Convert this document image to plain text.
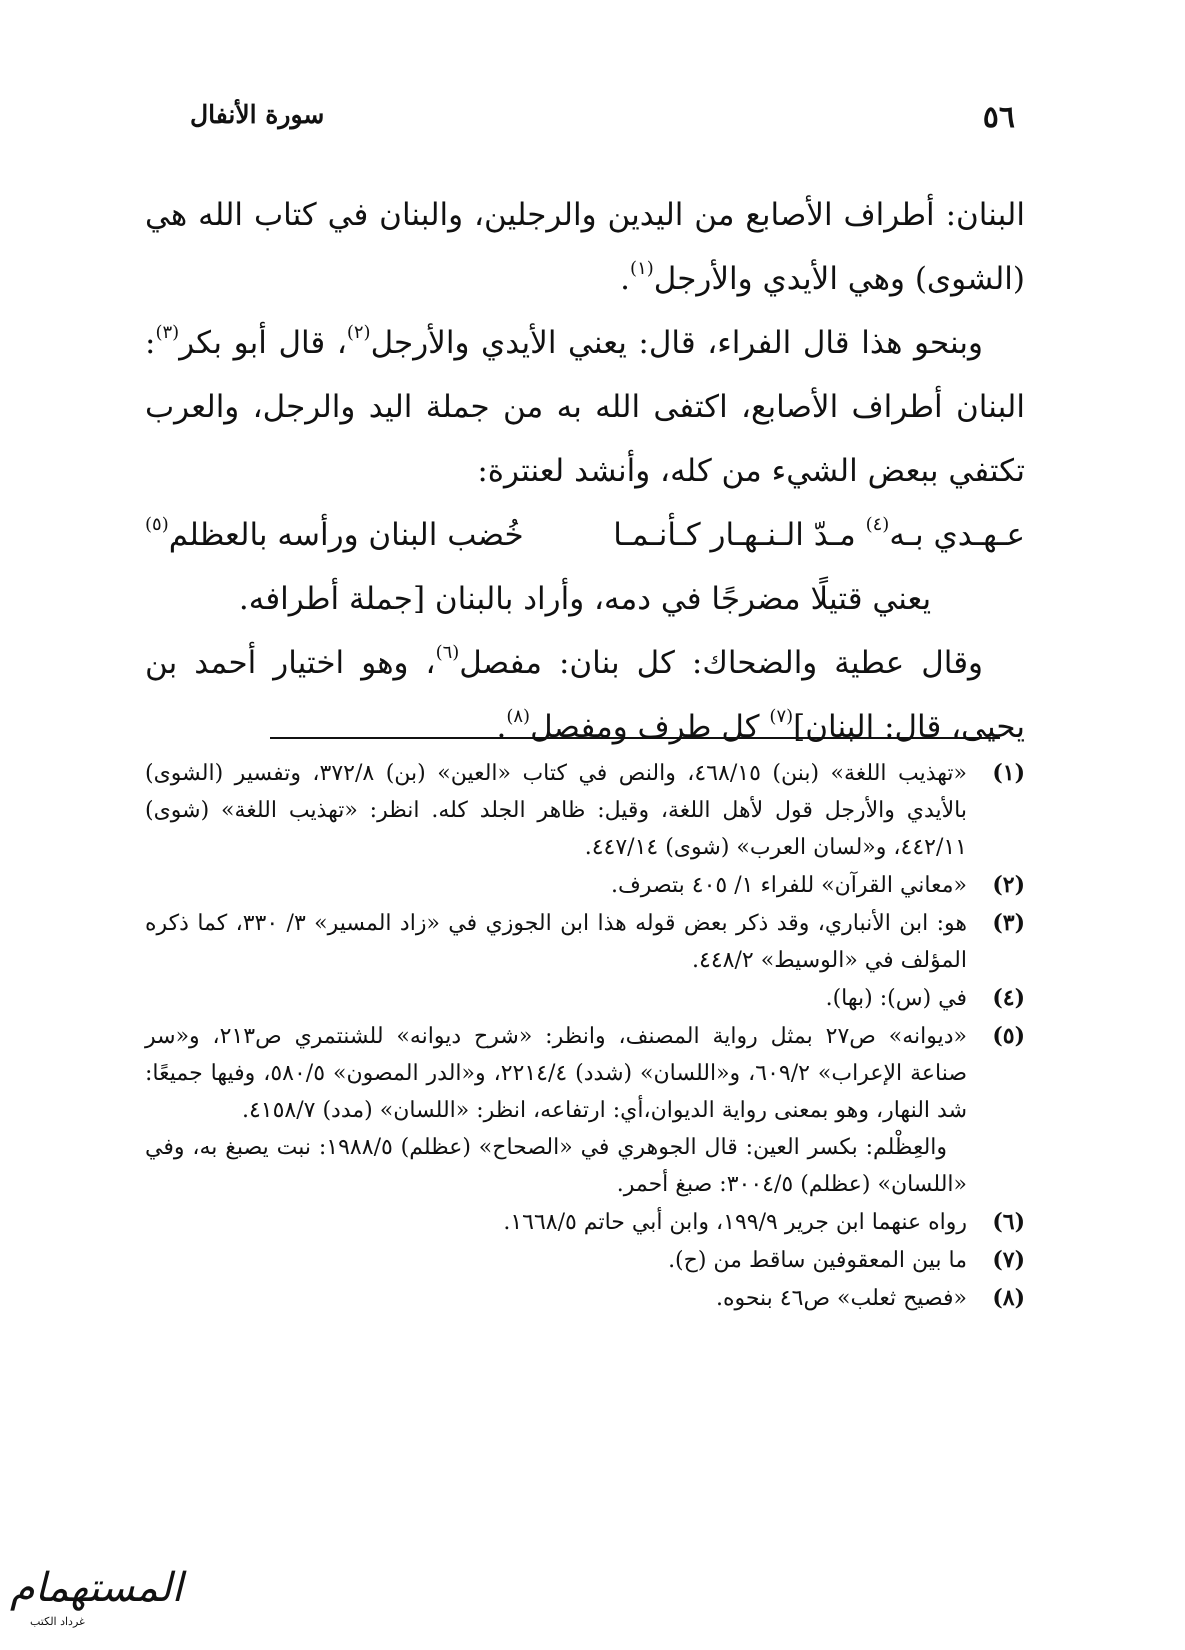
٥٦
سورة الأنفال

البنان: أطراف الأصابع من اليدين والرجلين، والبنان في كتاب الله هي (الشوى) وهي الأيدي والأرجل$^{(١)}$.

وبنحو هذا قال الفراء، قال: يعني الأيدي والأرجل$^{(٢)}$، قال أبو بكر$^{(٣)}$: البنان أطراف الأصابع، اكتفى الله به من جملة اليد والرجل، والعرب تكتفي ببعض الشيء من كله، وأنشد لعنترة:

عـهـدي بـه$^{(٤)}$ مـدّ الـنـهـار كـأنـمـا
خُضب البنان ورأسه بالعظلم$^{(٥)}$

يعني قتيلًا مضرجًا في دمه، وأراد بالبنان [جملة أطرافه.

وقال عطية والضحاك: كل بنان: مفصل$^{(٦)}$، وهو اختيار أحمد بن يحيى، قال: البنان]$^{(٧)}$ كل طرف ومفصل$^{(٨)}$.

(١)

«تهذيب اللغة» (بنن) ٤٦٨/١٥، والنص في كتاب «العين» (بن) ٣٧٢/٨، وتفسير (الشوى) بالأيدي والأرجل قول لأهل اللغة، وقيل: ظاهر الجلد كله. انظر: «تهذيب اللغة» (شوى) ٤٤٢/١١، و«لسان العرب» (شوى) ٤٤٧/١٤.

(٢)

«معاني القرآن» للفراء ١/ ٤٠٥ بتصرف.

(٣)

هو: ابن الأنباري، وقد ذكر بعض قوله هذا ابن الجوزي في «زاد المسير» ٣/ ٣٣٠، كما ذكره المؤلف في «الوسيط» ٤٤٨/٢.

(٤)

في (س): (بها).

(٥)

«ديوانه» ص٢٧ بمثل رواية المصنف، وانظر: «شرح ديوانه» للشنتمري ص٢١٣، و«سر صناعة الإعراب» ٦٠٩/٢، و«اللسان» (شدد) ٢٢١٤/٤، و«الدر المصون» ٥٨٠/٥، وفيها جميعًا: شد النهار، وهو بمعنى رواية الديوان،أي: ارتفاعه، انظر: «اللسان» (مدد) ٤١٥٨/٧.

والعِظْلم: بكسر العين: قال الجوهري في «الصحاح» (عظلم) ١٩٨٨/٥: نبت يصبغ به، وفي «اللسان» (عظلم) ٣٠٠٤/٥: صبغ أحمر.

(٦)

رواه عنهما ابن جرير ١٩٩/٩، وابن أبي حاتم ١٦٦٨/٥.

(٧)

ما بين المعقوفين ساقط من (ح).

(٨)

«فصيح ثعلب» ص٤٦ بنحوه.

المستهمام
غرداد الكتب
